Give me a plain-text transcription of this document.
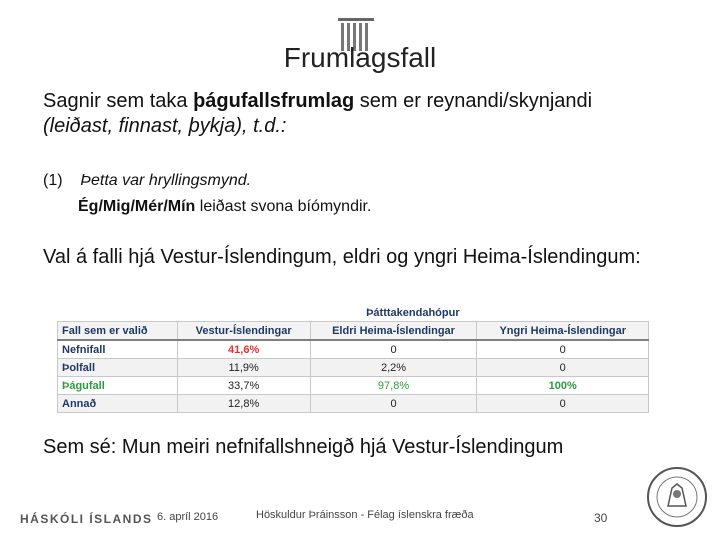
Frumlagsfall
Sagnir sem taka þágufallsfrumlag sem er reynandi/skynjandi
(leiðast, finnast, þykja), t.d.:
(1) Þetta var hryllingsmynd.
Ég/Mig/Mér/Mín leiðast svona bíómyndir.
Val á falli hjá Vestur-Íslendingum, eldri og yngri Heima-Íslendingum:
	Þátttakendahópur		
Fall sem er valið	Vestur-Íslendingar	Eldri Heima-Íslendingar	Yngri Heima-Íslendingar
Nefnifall	41,6%	0	0
Þolfall	11,9%	2,2%	0
Þágufall	33,7%	97,8%	100%
Annað	12,8%	0	0
Sem sé: Mun meiri nefnifallshneigð hjá Vestur-Íslendingum
HÁSKÓLI ÍSLANDS 6. apríl 2016	Höskuldur Þráinsson - Félag íslenskra fræða	30
